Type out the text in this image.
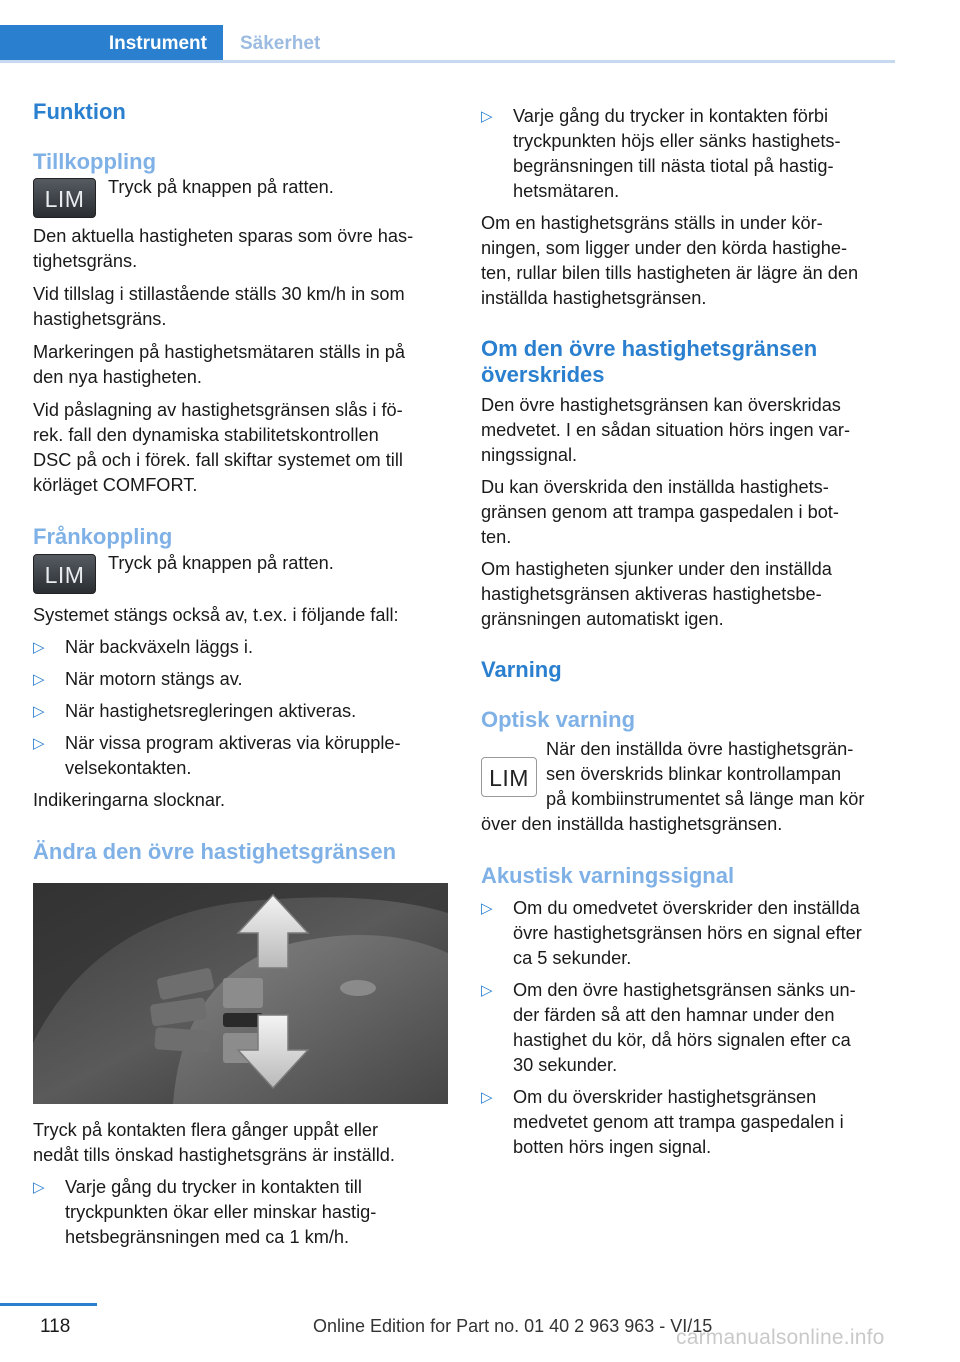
Instrument	Säkerhet
Funktion
Tillkoppling
LIM	Tryck på knappen på ratten.

Den aktuella hastigheten sparas som övre has-
tighetsgräns.

Vid tillslag i stillastående ställs 30 km/h in som
hastighetsgräns.

Markeringen på hastighetsmätaren ställs in på
den nya hastigheten.

Vid påslagning av hastighetsgränsen slås i fö-
rek. fall den dynamiska stabilitetskontrollen
DSC på och i förek. fall skiftar systemet om till
körläget COMFORT.

Frånkoppling
LIM	Tryck på knappen på ratten.

Systemet stängs också av, t.ex. i följande fall:

▷ När backväxeln läggs i.

▷ När motorn stängs av.

▷ När hastighetsregleringen aktiveras.

▷ När vissa program aktiveras via körupple-
velsekontakten.

Indikeringarna slocknar.

Ändra den övre hastighetsgränsen

Tryck på kontakten flera gånger uppåt eller
nedåt tills önskad hastighetsgräns är inställd.

▷ Varje gång du trycker in kontakten till
tryckpunkten ökar eller minskar hastig-
hetsbegränsningen med ca 1 km/h.

▷ Varje gång du trycker in kontakten förbi
tryckpunkten höjs eller sänks hastighets-
begränsningen till nästa tiotal på hastig-
hetsmätaren.

Om en hastighetsgräns ställs in under kör-
ningen, som ligger under den körda hastighe-
ten, rullar bilen tills hastigheten är lägre än den
inställda hastighetsgränsen.

Om den övre hastighetsgränsen
överskrides

Den övre hastighetsgränsen kan överskridas
medvetet. I en sådan situation hörs ingen var-
ningssignal.

Du kan överskrida den inställda hastighets-
gränsen genom att trampa gaspedalen i bot-
ten.

Om hastigheten sjunker under den inställda
hastighetsgränsen aktiveras hastighetsbe-
gränsningen automatiskt igen.

Varning
Optisk varning
LIM

När den inställda övre hastighetsgrän-
sen överskrids blinkar kontrollampan
på kombiinstrumentet så länge man kör

över den inställda hastighetsgränsen.

Akustisk varningssignal
▷ Om du omedvetet överskrider den inställda
övre hastighetsgränsen hörs en signal efter
ca 5 sekunder.

▷ Om den övre hastighetsgränsen sänks un-
der färden så att den hamnar under den
hastighet du kör, då hörs signalen efter ca
30 sekunder.

▷ Om du överskrider hastighetsgränsen
medvetet genom att trampa gaspedalen i
botten hörs ingen signal.

118	Online Edition for Part no. 01 40 2 963 963 - VI/15
carmanualsonline.info
